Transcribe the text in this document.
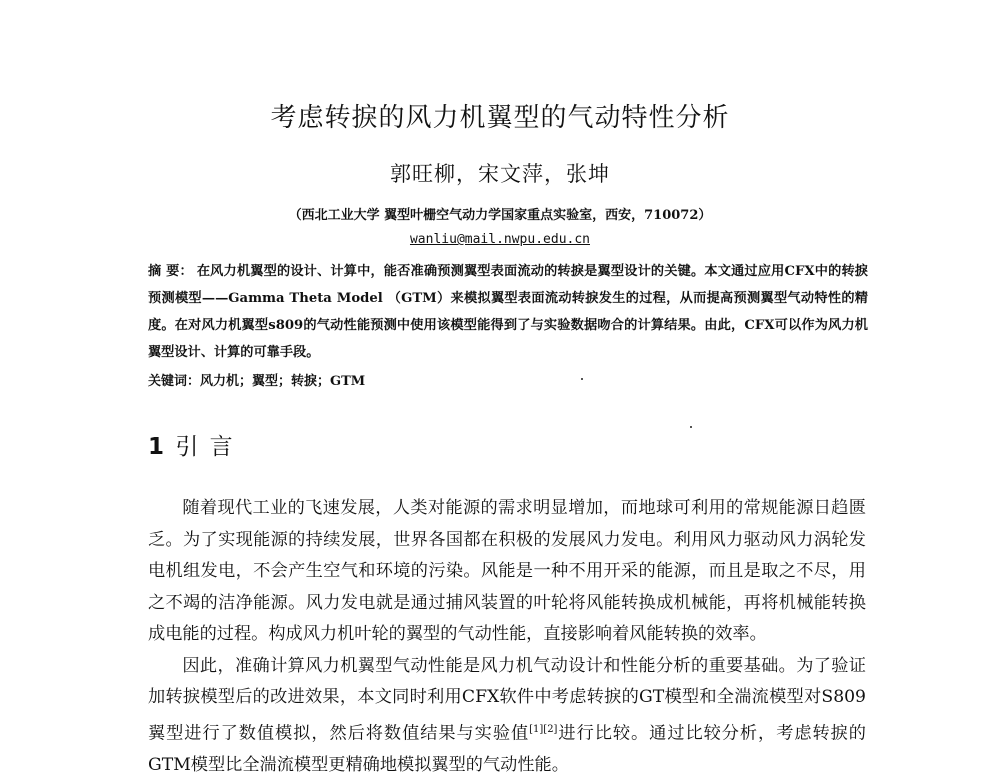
考虑转捩的风力机翼型的气动特性分析
郭旺柳，宋文萍，张坤
（西北工业大学 翼型叶栅空气动力学国家重点实验室，西安，710072）
wanliu@mail.nwpu.edu.cn
摘 要： 在风力机翼型的设计、计算中，能否准确预测翼型表面流动的转捩是翼型设计的关键。本文通过应用CFX中的转捩预测模型——Gamma Theta Model （GTM）来模拟翼型表面流动转捩发生的过程，从而提高预测翼型气动特性的精度。在对风力机翼型s809的气动性能预测中使用该模型能得到了与实验数据吻合的计算结果。由此，CFX可以作为风力机翼型设计、计算的可靠手段。
关键词：风力机；翼型；转捩；GTM
1 引 言

随着现代工业的飞速发展，人类对能源的需求明显增加，而地球可利用的常规能源日趋匮乏。为了实现能源的持续发展，世界各国都在积极的发展风力发电。利用风力驱动风力涡轮发电机组发电，不会产生空气和环境的污染。风能是一种不用开采的能源，而且是取之不尽，用之不竭的洁净能源。风力发电就是通过捕风装置的叶轮将风能转换成机械能，再将机械能转换成电能的过程。构成风力机叶轮的翼型的气动性能，直接影响着风能转换的效率。

因此，准确计算风力机翼型气动性能是风力机气动设计和性能分析的重要基础。为了验证加转捩模型后的改进效果，本文同时利用CFX软件中考虑转捩的GT模型和全湍流模型对S809翼型进行了数值模拟，然后将数值结果与实验值[1][2]进行比较。通过比较分析，考虑转捩的GTM模型比全湍流模型更精确地模拟翼型的气动性能。
